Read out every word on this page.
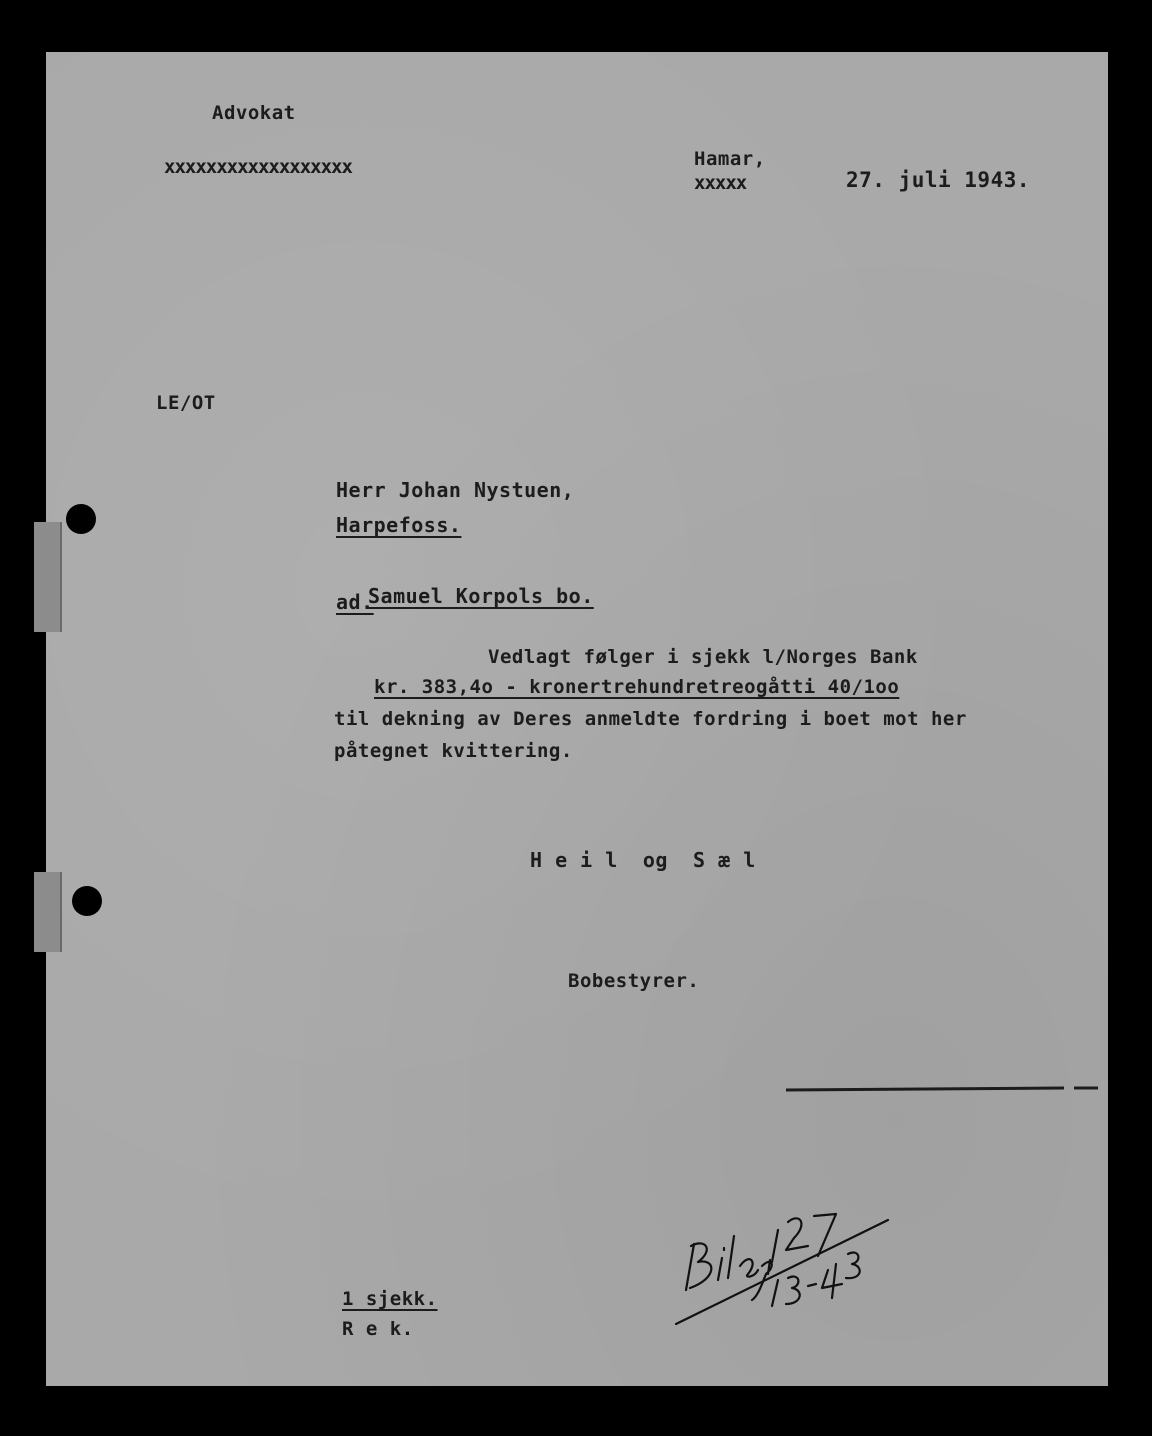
Advokat
xxxxxxxxxxxxxxxxxx	Hamar,
xxxxx	27. juli 1943.
LE/OT
Herr Johan Nystuen,
Harpefoss.
ad.
Samuel Korpols bo.
Vedlagt følger i sjekk l/Norges Bank
kr. 383,4o - kronertrehundretreogåtti 40/1oo
til dekning av Deres anmeldte fordring i boet mot her
påtegnet kvittering.
H e i l  og  S æ l
Bobestyrer.
1 sjekk.
R e k.
